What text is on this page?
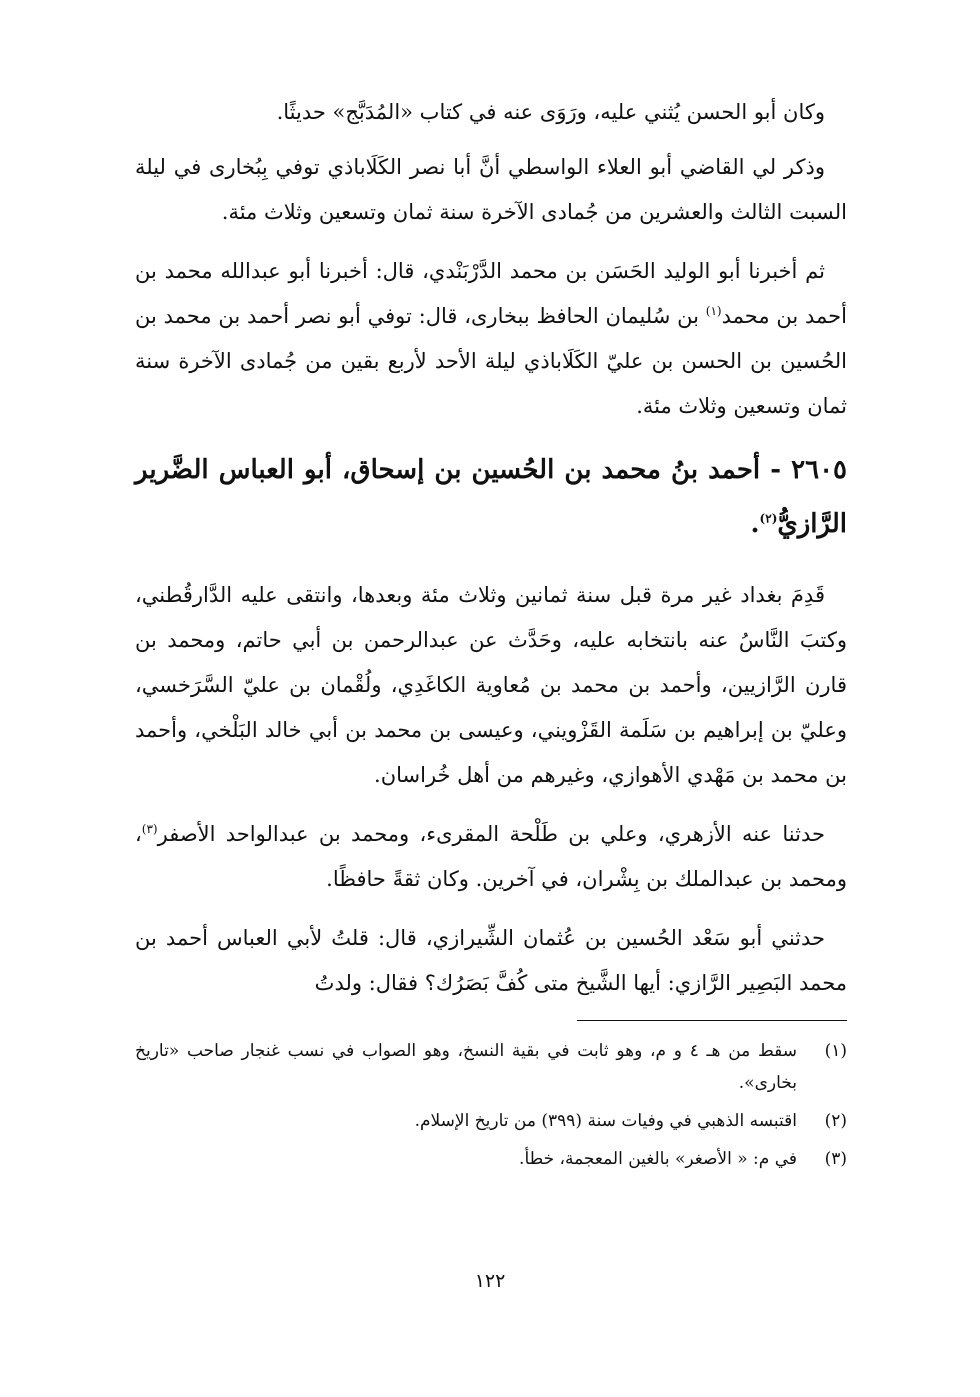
وكان أبو الحسن يُثني عليه، ورَوَى عنه في كتاب «المُدَبَّج» حديثًا.

وذكر لي القاضي أبو العلاء الواسطي أنَّ أبا نصر الكَلَاباذي توفي بِبُخارى في ليلة السبت الثالث والعشرين من جُمادى الآخرة سنة ثمان وتسعين وثلاث مئة.

ثم أخبرنا أبو الوليد الحَسَن بن محمد الدَّرْبَنْدي، قال: أخبرنا أبو عبدالله محمد بن أحمد بن محمد$^{(١)}$ بن سُليمان الحافظ ببخارى، قال: توفي أبو نصر أحمد بن محمد بن الحُسين بن الحسن بن عليّ الكَلَاباذي ليلة الأحد لأربع بقين من جُمادى الآخرة سنة ثمان وتسعين وثلاث مئة.

٢٦٠٥ - أحمد بنُ محمد بن الحُسين بن إسحاق، أبو العباس الضَّرير الرَّازيُّ$^{(٢)}$.

قَدِمَ بغداد غير مرة قبل سنة ثمانين وثلاث مئة وبعدها، وانتقى عليه الدَّارقُطني، وكتبَ النَّاسُ عنه بانتخابه عليه، وحَدَّث عن عبدالرحمن بن أبي حاتم، ومحمد بن قارن الرَّازيين، وأحمد بن محمد بن مُعاوية الكاغَدِي، ولُقْمان بن عليّ السَّرَخسي، وعليّ بن إبراهيم بن سَلَمة القَزْويني، وعيسى بن محمد بن أبي خالد البَلْخي، وأحمد بن محمد بن مَهْدي الأهوازي، وغيرهم من أهل خُراسان.

حدثنا عنه الأزهري، وعلي بن طَلْحة المقرىء، ومحمد بن عبدالواحد الأصفر$^{(٣)}$، ومحمد بن عبدالملك بن بِشْران، في آخرين. وكان ثقةً حافظًا.

حدثني أبو سَعْد الحُسين بن عُثمان الشِّيرازي، قال: قلتُ لأبي العباس أحمد بن محمد البَصِير الرَّازي: أيها الشَّيخ متى كُفَّ بَصَرُك؟ فقال: ولدتُ

(١)
سقط من هـ ٤ و م، وهو ثابت في بقية النسخ، وهو الصواب في نسب غنجار صاحب «تاريخ بخارى».

(٢)
اقتبسه الذهبي في وفيات سنة (٣٩٩) من تاريخ الإسلام.

(٣)
في م: « الأصغر» بالغين المعجمة، خطأ.

١٢٢
